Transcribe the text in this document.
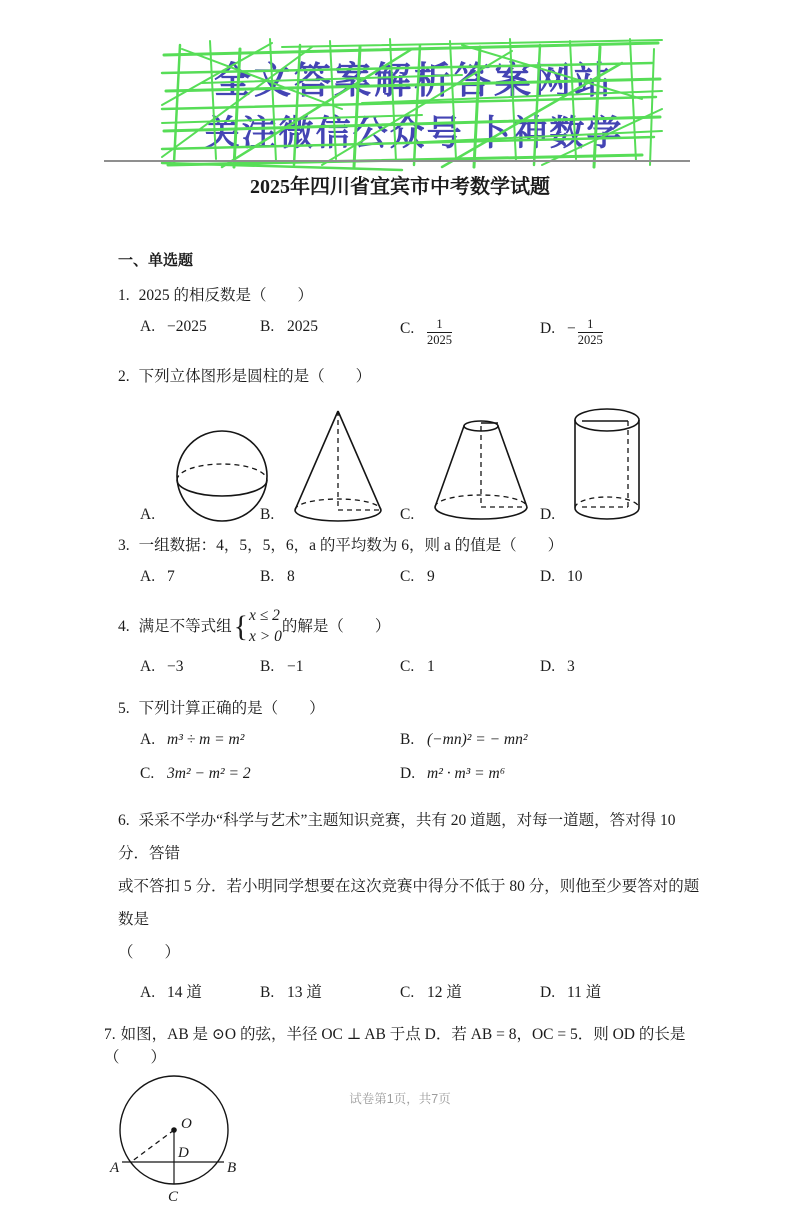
全文答案解析答案网站
关注微信公众号 卜神数学
2025年四川省宜宾市中考数学试题
一、单选题

1. 2025 的相反数是（　　）

A. −2025	B. 2025	C. $\frac{1}{2025}$	D. − $\frac{1}{2025}$

2. 下列立体图形是圆柱的是（　　）

A.	B.	C.	D.

3. 一组数据：4，5，5，6，a 的平均数为 6，则 a 的值是（　　）

A. 7	B. 8	C. 9	D. 10
4. 满足不等式组 { x ≤ 2
x > 0
的解是（　　）
A. −3	B. −1	C. 1	D. 3

5. 下列计算正确的是（　　）

A. m³ ÷ m = m²	B. (−mn)² = − mn²
C. 3m² − m² = 2	D. m² · m³ = m⁶

6. 采采不学办“科学与艺术”主题知识竞赛，共有 20 道题，对每一道题，答对得 10 分．答错

或不答扣 5 分．若小明同学想要在这次竞赛中得分不低于 80 分，则他至少要答对的题数是

（　　）

A. 14 道	B. 13 道	C. 12 道	D. 11 道

7. 如图，AB 是 ⊙O 的弦，半径 OC ⊥ AB 于点 D．若 AB = 8，OC = 5．则 OD 的长是（　　）

O
D
A	B
C
试卷第1页，共7页
